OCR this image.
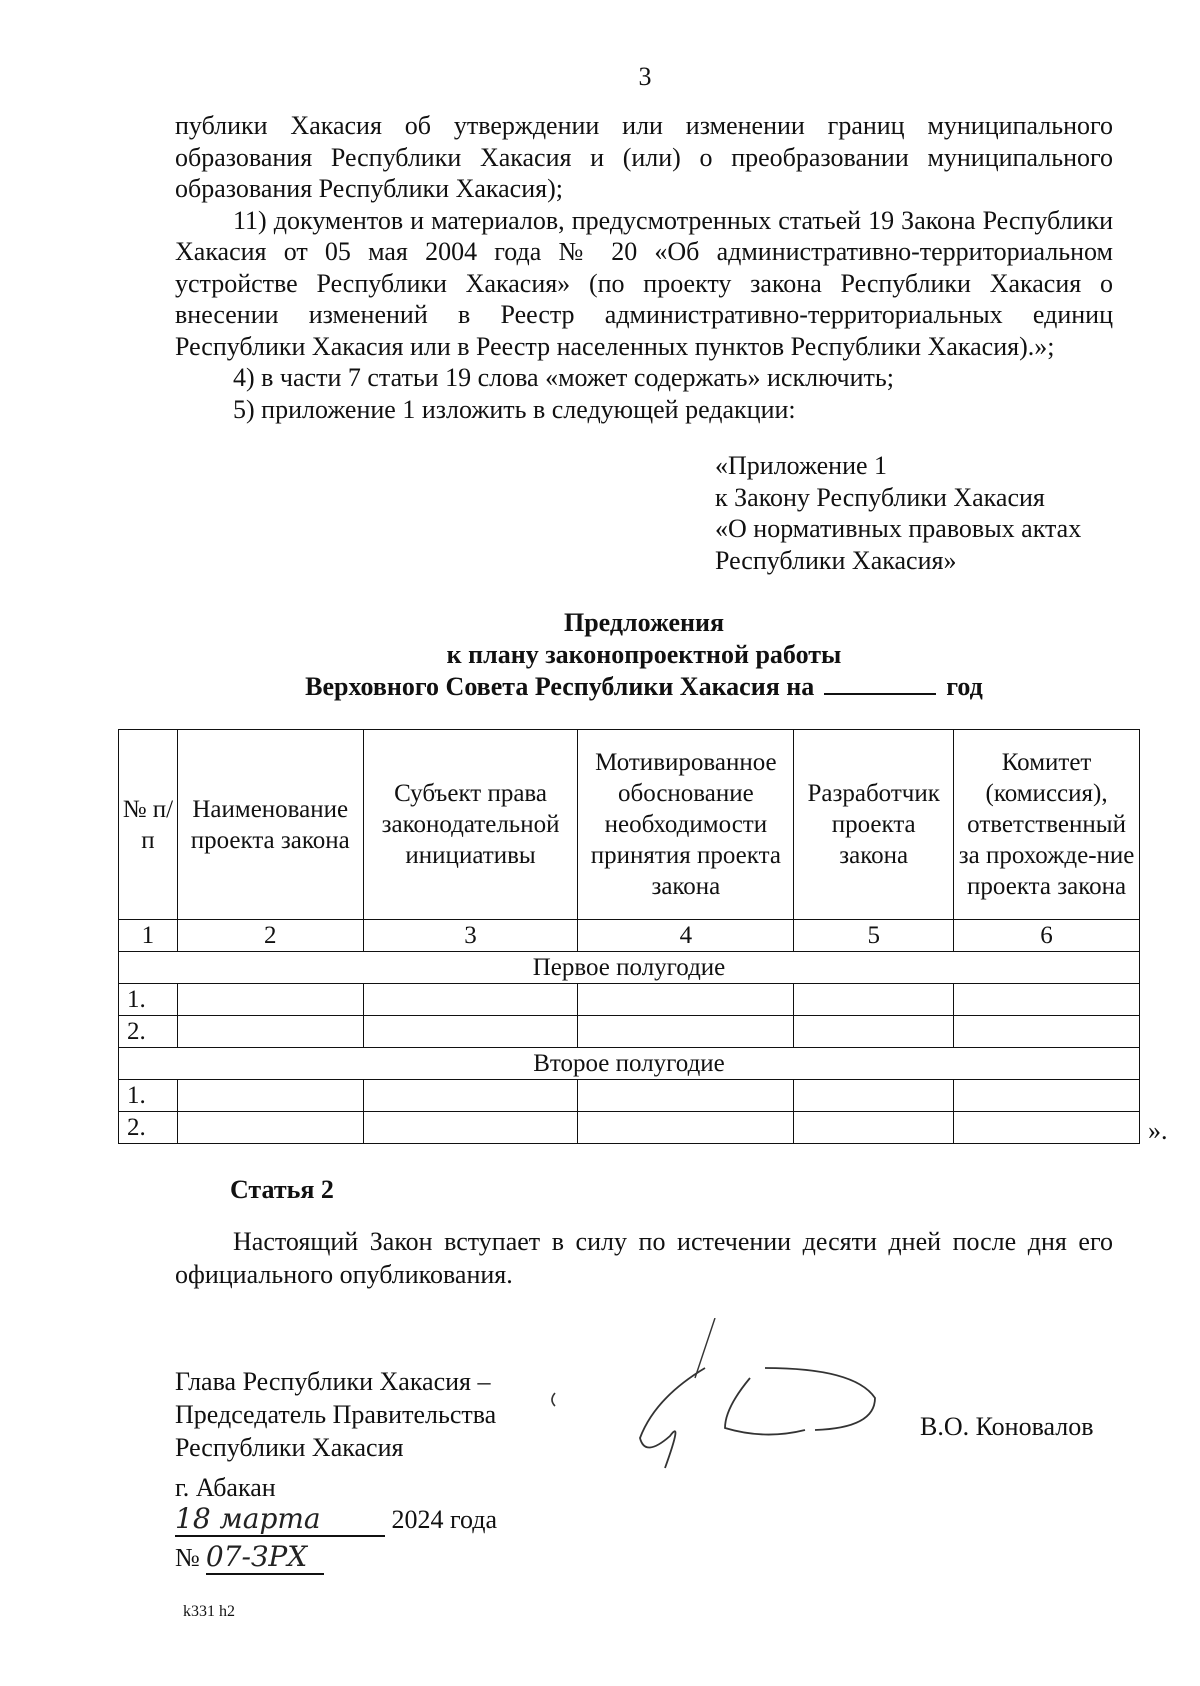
3

публики Хакасия об утверждении или изменении границ муниципального образования Республики Хакасия и (или) о преобразовании муниципального образования Республики Хакасия);

11) документов и материалов, предусмотренных статьей 19 Закона Республики Хакасия от 05 мая 2004 года № 20 «Об административно-территориальном устройстве Республики Хакасия» (по проекту закона Республики Хакасия о внесении изменений в Реестр административно-территориальных единиц Республики Хакасия или в Реестр населенных пунктов Республики Хакасия).»;

4) в части 7 статьи 19 слова «может содержать» исключить;

5) приложение 1 изложить в следующей редакции:

«Приложение 1
к Закону Республики Хакасия
«О нормативных правовых актах
Республики Хакасия»
Предложения
к плану законопроектной работы
Верховного Совета Республики Хакасия на	год
№ п/п	Наименование проекта закона	Субъект права законодательной инициативы	Мотивированное обоснование необходимости принятия проекта закона	Разработчик проекта закона	Комитет (комиссия), ответственный за прохожде-ние проекта закона
1	2	3	4	5	6
Первое полугодие					
1.					
2.					
Второе полугодие					
1.					
2.						».
Статья 2

Настоящий Закон вступает в силу по истечении десяти дней после дня его официального опубликования.

Глава Республики Хакасия –
Председатель Правительства
Республики Хакасия
В.О. Коновалов
г. Абакан
18 марта	2024 года
№ 07-ЗРХ
k331 h2
